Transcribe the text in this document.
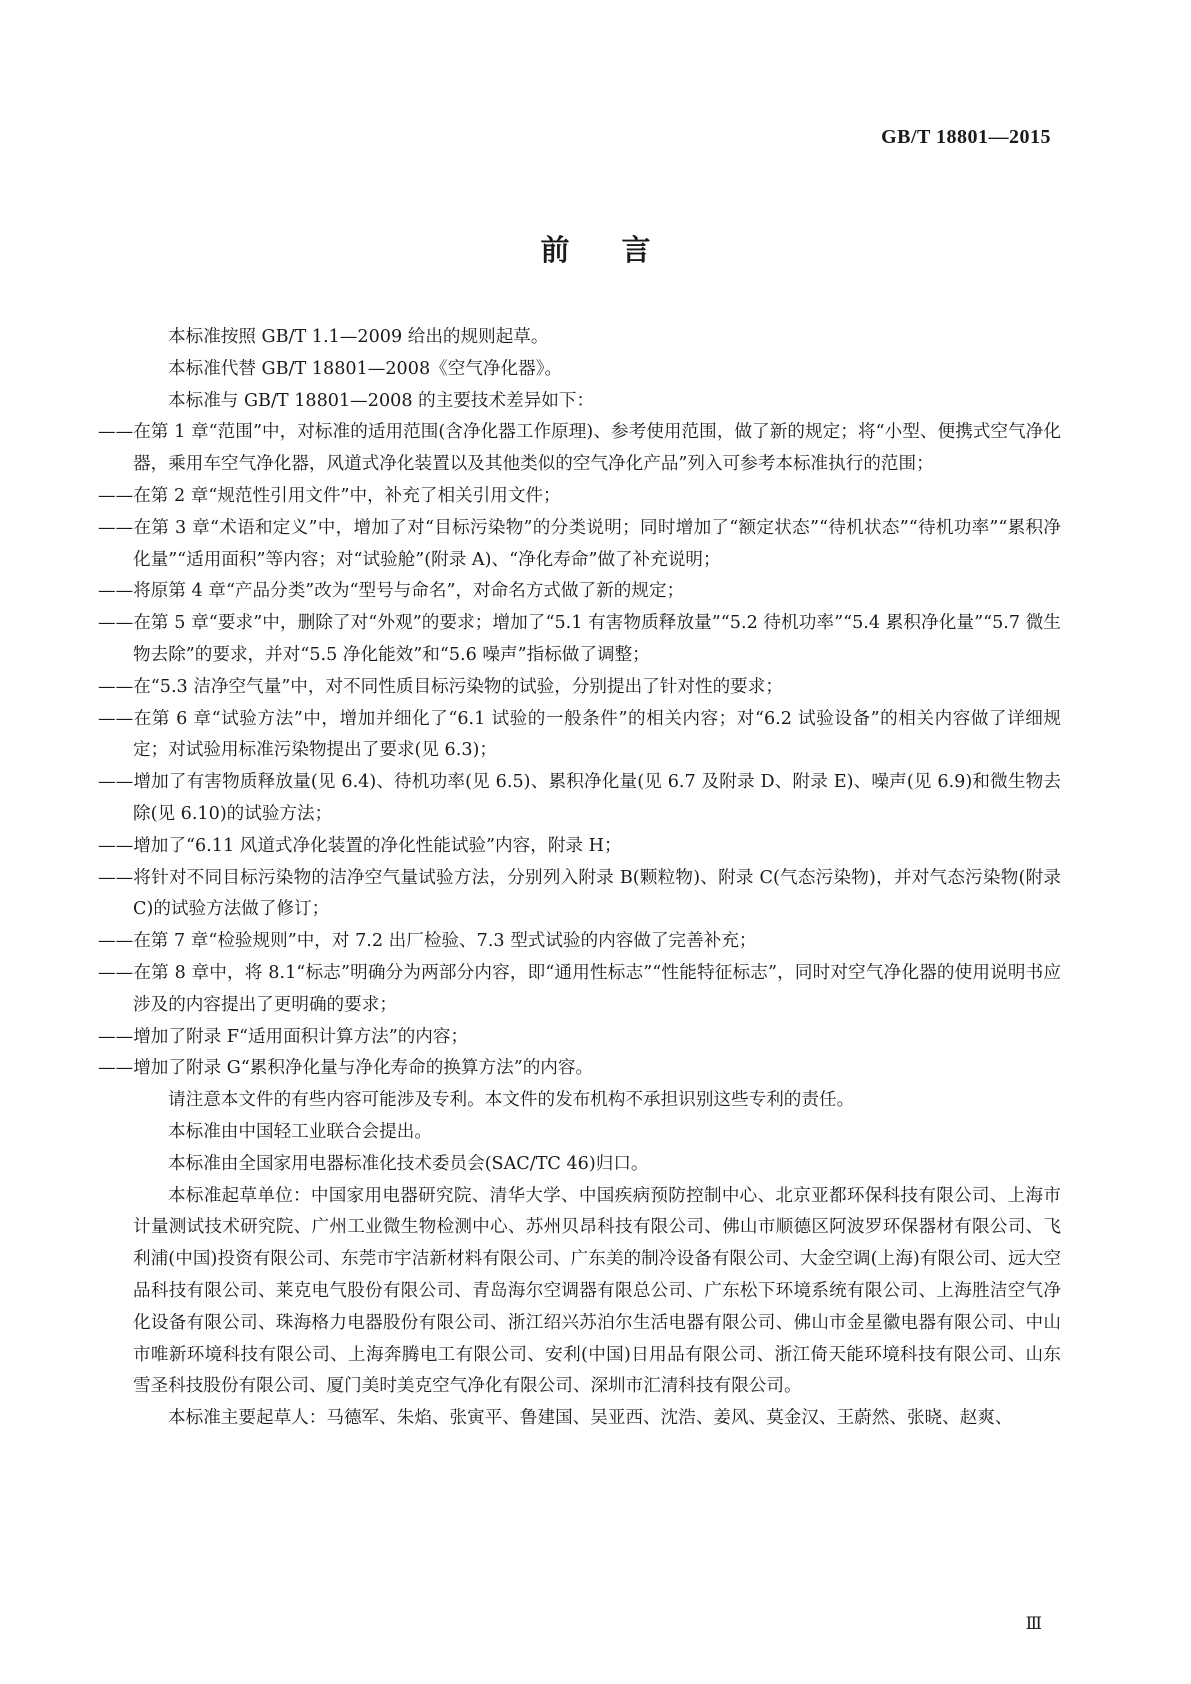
GB/T 18801—2015
前言

本标准按照 GB/T 1.1—2009 给出的规则起草。

本标准代替 GB/T 18801—2008《空气净化器》。

本标准与 GB/T 18801—2008 的主要技术差异如下：

——在第 1 章“范围”中，对标准的适用范围(含净化器工作原理)、参考使用范围，做了新的规定；将“小型、便携式空气净化器，乘用车空气净化器，风道式净化装置以及其他类似的空气净化产品”列入可参考本标准执行的范围；

——在第 2 章“规范性引用文件”中，补充了相关引用文件；

——在第 3 章“术语和定义”中，增加了对“目标污染物”的分类说明；同时增加了“额定状态”“待机状态”“待机功率”“累积净化量”“适用面积”等内容；对“试验舱”(附录 A)、“净化寿命”做了补充说明；

——将原第 4 章“产品分类”改为“型号与命名”，对命名方式做了新的规定；

——在第 5 章“要求”中，删除了对“外观”的要求；增加了“5.1 有害物质释放量”“5.2 待机功率”“5.4 累积净化量”“5.7 微生物去除”的要求，并对“5.5 净化能效”和“5.6 噪声”指标做了调整；

——在“5.3 洁净空气量”中，对不同性质目标污染物的试验，分别提出了针对性的要求；

——在第 6 章“试验方法”中，增加并细化了“6.1 试验的一般条件”的相关内容；对“6.2 试验设备”的相关内容做了详细规定；对试验用标准污染物提出了要求(见 6.3)；

——增加了有害物质释放量(见 6.4)、待机功率(见 6.5)、累积净化量(见 6.7 及附录 D、附录 E)、噪声(见 6.9)和微生物去除(见 6.10)的试验方法；

——增加了“6.11 风道式净化装置的净化性能试验”内容，附录 H；

——将针对不同目标污染物的洁净空气量试验方法，分别列入附录 B(颗粒物)、附录 C(气态污染物)，并对气态污染物(附录 C)的试验方法做了修订；

——在第 7 章“检验规则”中，对 7.2 出厂检验、7.3 型式试验的内容做了完善补充；

——在第 8 章中，将 8.1“标志”明确分为两部分内容，即“通用性标志”“性能特征标志”，同时对空气净化器的使用说明书应涉及的内容提出了更明确的要求；

——增加了附录 F“适用面积计算方法”的内容；

——增加了附录 G“累积净化量与净化寿命的换算方法”的内容。

请注意本文件的有些内容可能涉及专利。本文件的发布机构不承担识别这些专利的责任。

本标准由中国轻工业联合会提出。

本标准由全国家用电器标准化技术委员会(SAC/TC 46)归口。

本标准起草单位：中国家用电器研究院、清华大学、中国疾病预防控制中心、北京亚都环保科技有限公司、上海市计量测试技术研究院、广州工业微生物检测中心、苏州贝昂科技有限公司、佛山市顺德区阿波罗环保器材有限公司、飞利浦(中国)投资有限公司、东莞市宇洁新材料有限公司、广东美的制冷设备有限公司、大金空调(上海)有限公司、远大空品科技有限公司、莱克电气股份有限公司、青岛海尔空调器有限总公司、广东松下环境系统有限公司、上海胜洁空气净化设备有限公司、珠海格力电器股份有限公司、浙江绍兴苏泊尔生活电器有限公司、佛山市金星徽电器有限公司、中山市唯新环境科技有限公司、上海奔腾电工有限公司、安利(中国)日用品有限公司、浙江倚天能环境科技有限公司、山东雪圣科技股份有限公司、厦门美时美克空气净化有限公司、深圳市汇清科技有限公司。

本标准主要起草人：马德军、朱焰、张寅平、鲁建国、吴亚西、沈浩、姜风、莫金汉、王蔚然、张晓、赵爽、

Ⅲ
